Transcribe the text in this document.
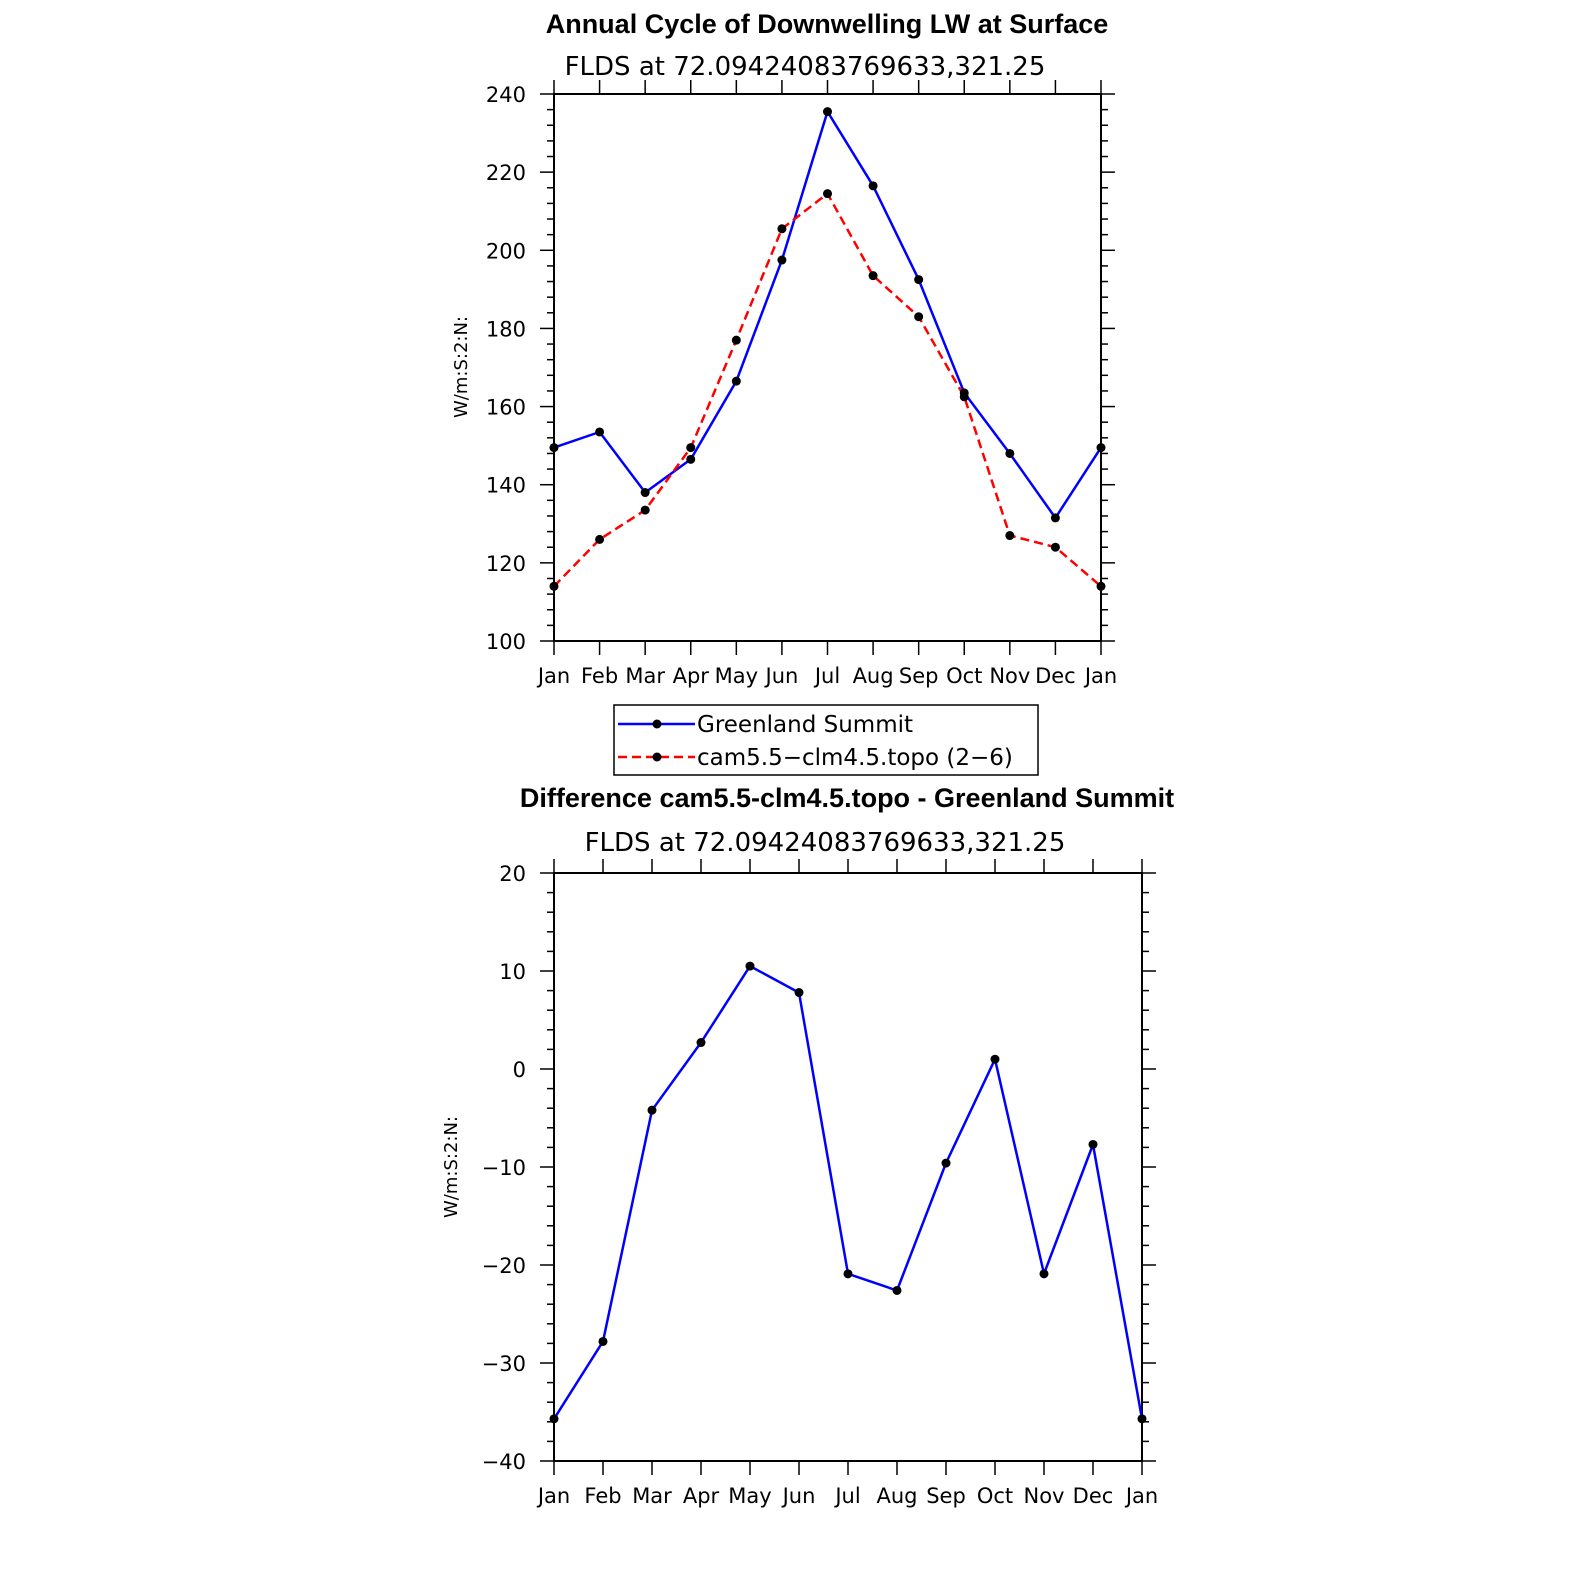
Annual Cycle of Downwelling LW at Surface
FLDS at 72.09424083769633,321.25
W/m:S:2:N:
100
120
140
160
180
200
220
240
Jan Feb Mar Apr May Jun Jul Aug Sep Oct Nov Dec Jan
Greenland Summit
cam5.5−clm4.5.topo (2−6)
Difference cam5.5-clm4.5.topo - Greenland Summit
FLDS at 72.09424083769633,321.25
W/m:S:2:N:
−40
−30
−20
−10
0
10
20
Jan Feb Mar Apr May Jun Jul Aug Sep Oct Nov Dec Jan
